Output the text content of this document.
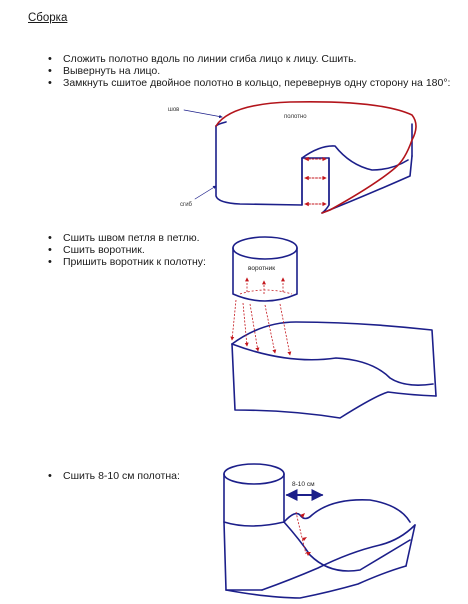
Сборка
• Сложить полотно вдоль по линии сгиба лицо к лицу. Сшить.
• Вывернуть на лицо.
• Замкнуть сшитое двойное полотно в кольцо, перевернув одну сторону на 180°:
• Сшить швом петля в петлю.
• Сшить воротник.
• Пришить воротник к полотну:
• Сшить 8-10 см полотна:
шов
полотно
сгиб
воротник
8-10 см
